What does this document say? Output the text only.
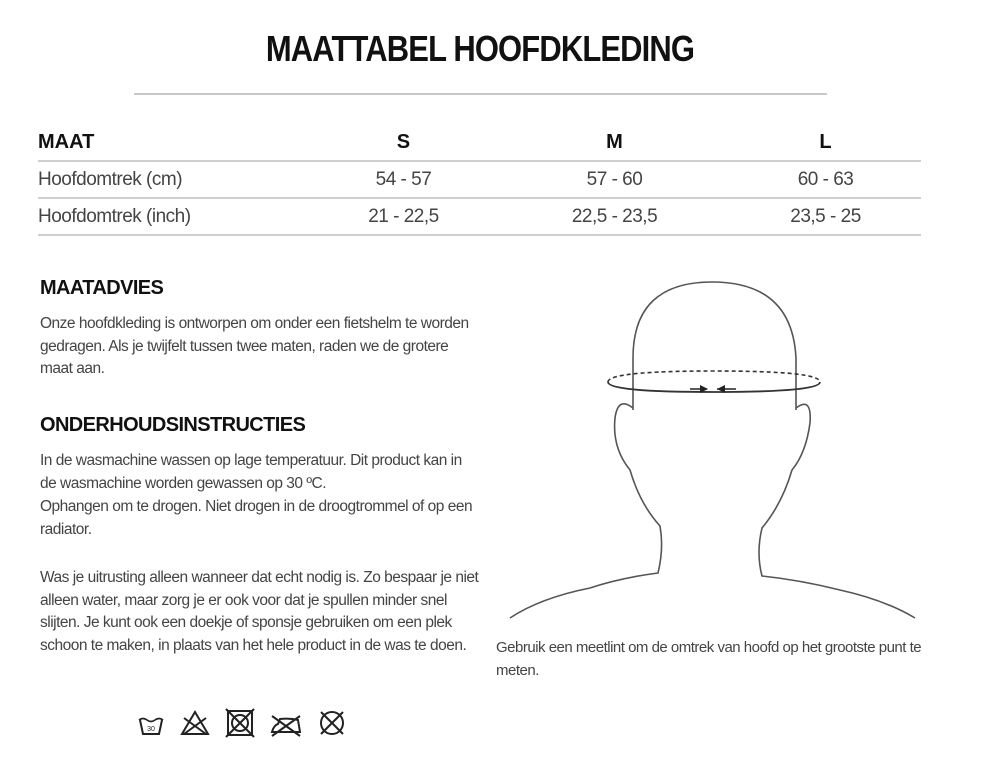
MAATTABEL HOOFDKLEDING
MAAT	S	M	L
Hoofdomtrek (cm)	54 - 57	57 - 60	60 - 63
Hoofdomtrek (inch)	21 - 22,5	22,5 - 23,5	23,5 - 25
MAATADVIES

Onze hoofdkleding is ontworpen om onder een fietshelm te worden gedragen. Als je twijfelt tussen twee maten, raden we de grotere maat aan.

ONDERHOUDSINSTRUCTIES

In de wasmachine wassen op lage temperatuur. Dit product kan in de wasmachine worden gewassen op 30 ºC.

Ophangen om te drogen. Niet drogen in de droogtrommel of op een radiator.

Was je uitrusting alleen wanneer dat echt nodig is. Zo bespaar je niet alleen water, maar zorg je er ook voor dat je spullen minder snel slijten. Je kunt ook een doekje of sponsje gebruiken om een plek schoon te maken, in plaats van het hele product in de was te doen.

30

Gebruik een meetlint om de omtrek van hoofd op het grootste punt te meten.
